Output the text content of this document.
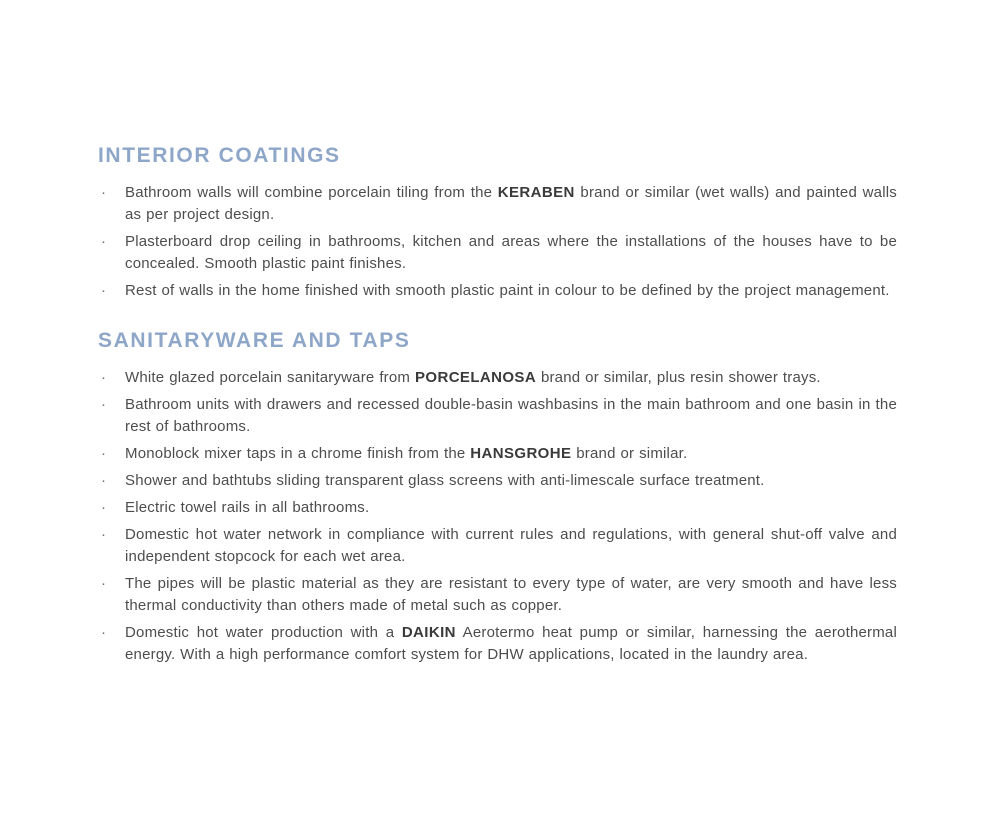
INTERIOR COATINGS
·	Bathroom walls will combine porcelain tiling from the KERABEN brand or similar (wet walls) and painted walls as per project design.

·	Plasterboard drop ceiling in bathrooms, kitchen and areas where the installations of the houses have to be concealed. Smooth plastic paint finishes.

·	Rest of walls in the home finished with smooth plastic paint in colour to be defined by the project management.

SANITARYWARE AND TAPS
·	White glazed porcelain sanitaryware from PORCELANOSA brand or similar, plus resin shower trays.

·	Bathroom units with drawers and recessed double-basin washbasins in the main bathroom and one basin in the rest of bathrooms.

·	Monoblock mixer taps in a chrome finish from the HANSGROHE brand or similar.

·	Shower and bathtubs sliding transparent glass screens with anti-limescale surface treatment.

·	Electric towel rails in all bathrooms.

·	Domestic hot water network in compliance with current rules and regulations, with general shut-off valve and independent stopcock for each wet area.

·	The pipes will be plastic material as they are resistant to every type of water, are very smooth and have less thermal conductivity than others made of metal such as copper.

·	Domestic hot water production with a DAIKIN Aerotermo heat pump or similar, harnessing the aerothermal energy. With a high performance comfort system for DHW applications, located in the laundry area.
